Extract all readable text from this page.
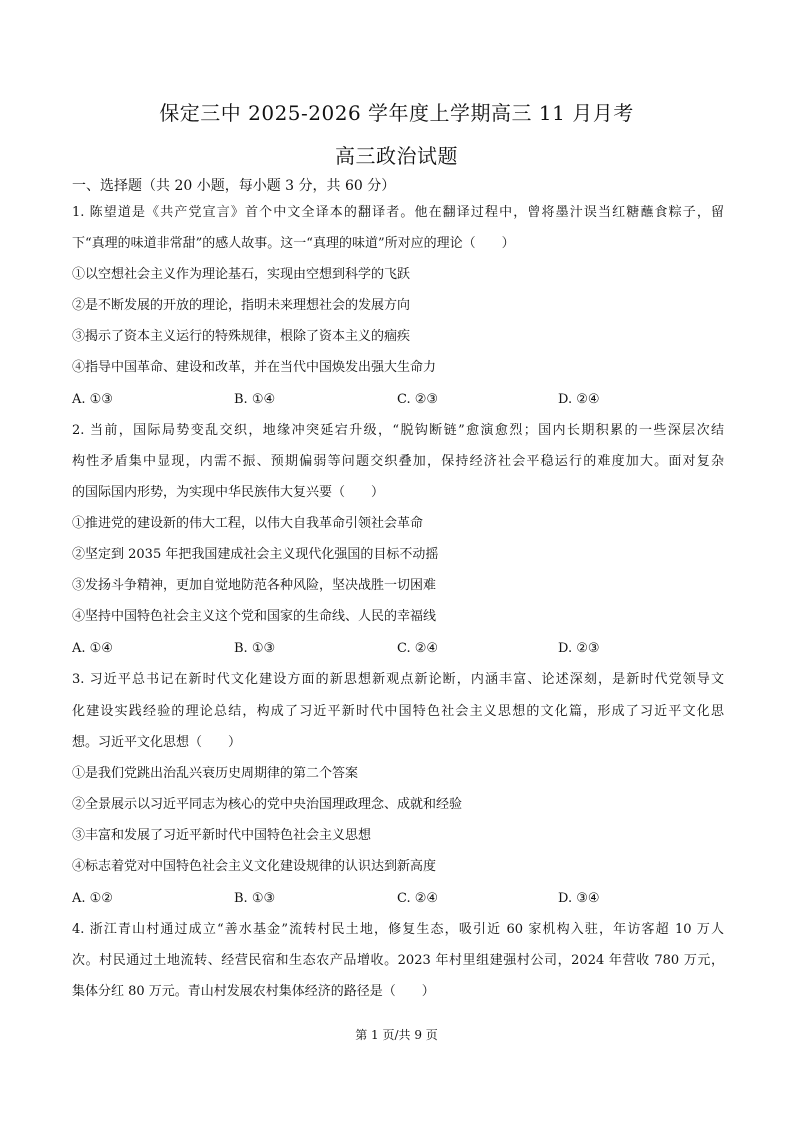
保定三中 2025-2026 学年度上学期高三 11 月月考
高三政治试题
一、选择题（共 20 小题，每小题 3 分，共 60 分）
1. 陈望道是《共产党宣言》首个中文全译本的翻译者。他在翻译过程中，曾将墨汁误当红糖蘸食粽子，留
下“真理的味道非常甜”的感人故事。这一“真理的味道”所对应的理论（　　）
①以空想社会主义作为理论基石，实现由空想到科学的飞跃
②是不断发展的开放的理论，指明未来理想社会的发展方向
③揭示了资本主义运行的特殊规律，根除了资本主义的痼疾
④指导中国革命、建设和改革，并在当代中国焕发出强大生命力
A. ①③	B. ①④	C. ②③	D. ②④
2. 当前，国际局势变乱交织，地缘冲突延宕升级，“脱钩断链”愈演愈烈；国内长期积累的一些深层次结
构性矛盾集中显现，内需不振、预期偏弱等问题交织叠加，保持经济社会平稳运行的难度加大。面对复杂
的国际国内形势，为实现中华民族伟大复兴要（　　）
①推进党的建设新的伟大工程，以伟大自我革命引领社会革命
②坚定到 2035 年把我国建成社会主义现代化强国的目标不动摇
③发扬斗争精神，更加自觉地防范各种风险，坚决战胜一切困难
④坚持中国特色社会主义这个党和国家的生命线、人民的幸福线
A. ①④	B. ①③	C. ②④	D. ②③
3. 习近平总书记在新时代文化建设方面的新思想新观点新论断，内涵丰富、论述深刻，是新时代党领导文
化建设实践经验的理论总结，构成了习近平新时代中国特色社会主义思想的文化篇，形成了习近平文化思
想。习近平文化思想（　　）
①是我们党跳出治乱兴衰历史周期律的第二个答案
②全景展示以习近平同志为核心的党中央治国理政理念、成就和经验
③丰富和发展了习近平新时代中国特色社会主义思想
④标志着党对中国特色社会主义文化建设规律的认识达到新高度
A. ①②	B. ①③	C. ②④	D. ③④
4. 浙江青山村通过成立“善水基金”流转村民土地，修复生态，吸引近 60 家机构入驻，年访客超 10 万人
次。村民通过土地流转、经营民宿和生态农产品增收。2023 年村里组建强村公司，2024 年营收 780 万元，
集体分红 80 万元。青山村发展农村集体经济的路径是（　　）
第 1 页/共 9 页
